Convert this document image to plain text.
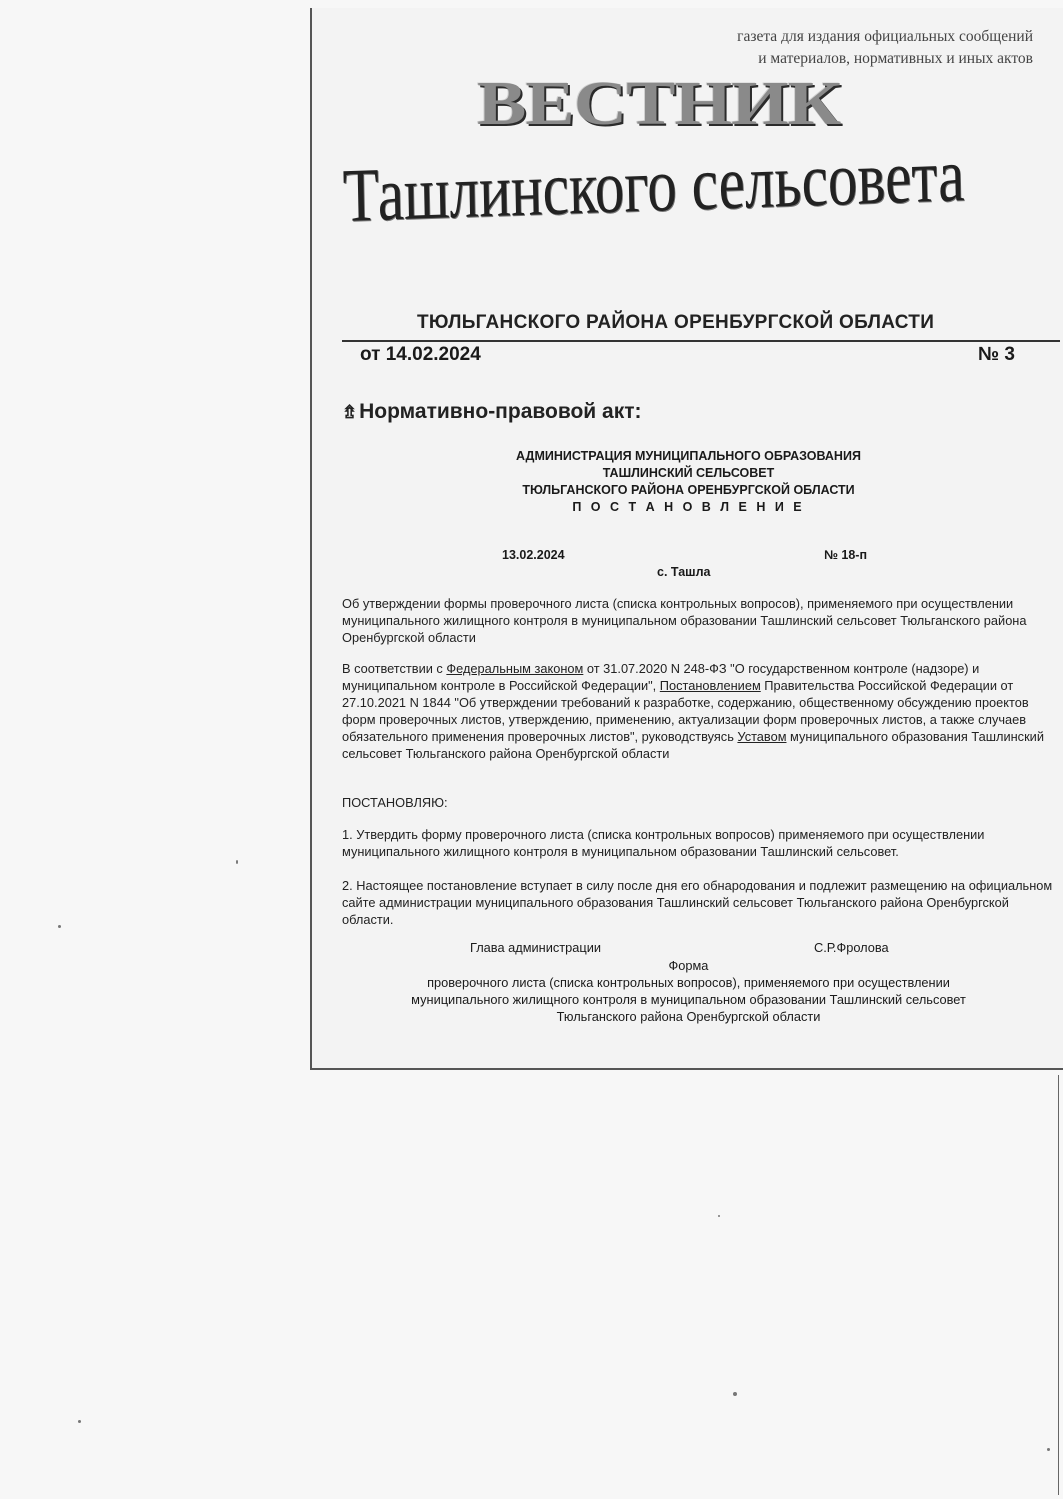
газета для издания официальных сообщений
и материалов, нормативных и иных актов
ВЕСТНИК
Ташлинского сельсовета
ТЮЛЬГАНСКОГО РАЙОНА ОРЕНБУРГСКОЙ ОБЛАСТИ
от 14.02.2024	№ 3
⇯Нормативно-правовой акт:
АДМИНИСТРАЦИЯ МУНИЦИПАЛЬНОГО ОБРАЗОВАНИЯ
ТАШЛИНСКИЙ СЕЛЬСОВЕТ
ТЮЛЬГАНСКОГО РАЙОНА ОРЕНБУРГСКОЙ ОБЛАСТИ
П О С Т А Н О В Л Е Н И Е
13.02.2024	№ 18-п
с. Ташла
Об утверждении формы проверочного листа (списка контрольных вопросов), применяемого при осуществлении муниципального жилищного контроля в муниципальном образовании Ташлинский сельсовет Тюльганского района Оренбургской области
В соответствии с Федеральным законом от 31.07.2020 N 248-ФЗ "О государственном контроле (надзоре) и муниципальном контроле в Российской Федерации", Постановлением Правительства Российской Федерации от 27.10.2021 N 1844 "Об утверждении требований к разработке, содержанию, общественному обсуждению проектов форм проверочных листов, утверждению, применению, актуализации форм проверочных листов, а также случаев обязательного применения проверочных листов", руководствуясь Уставом муниципального образования Ташлинский сельсовет Тюльганского района Оренбургской области
ПОСТАНОВЛЯЮ:
1. Утвердить форму проверочного листа (списка контрольных вопросов) применяемого при осуществлении муниципального жилищного контроля в муниципальном образовании Ташлинский сельсовет.
2. Настоящее постановление вступает в силу после дня его обнародования и подлежит размещению на официальном сайте администрации муниципального образования Ташлинский сельсовет Тюльганского района Оренбургской области.
Глава администрации	С.Р.Фролова
Форма
проверочного листа (списка контрольных вопросов), применяемого при осуществлении
муниципального жилищного контроля в муниципальном образовании Ташлинский сельсовет
Тюльганского района Оренбургской области
